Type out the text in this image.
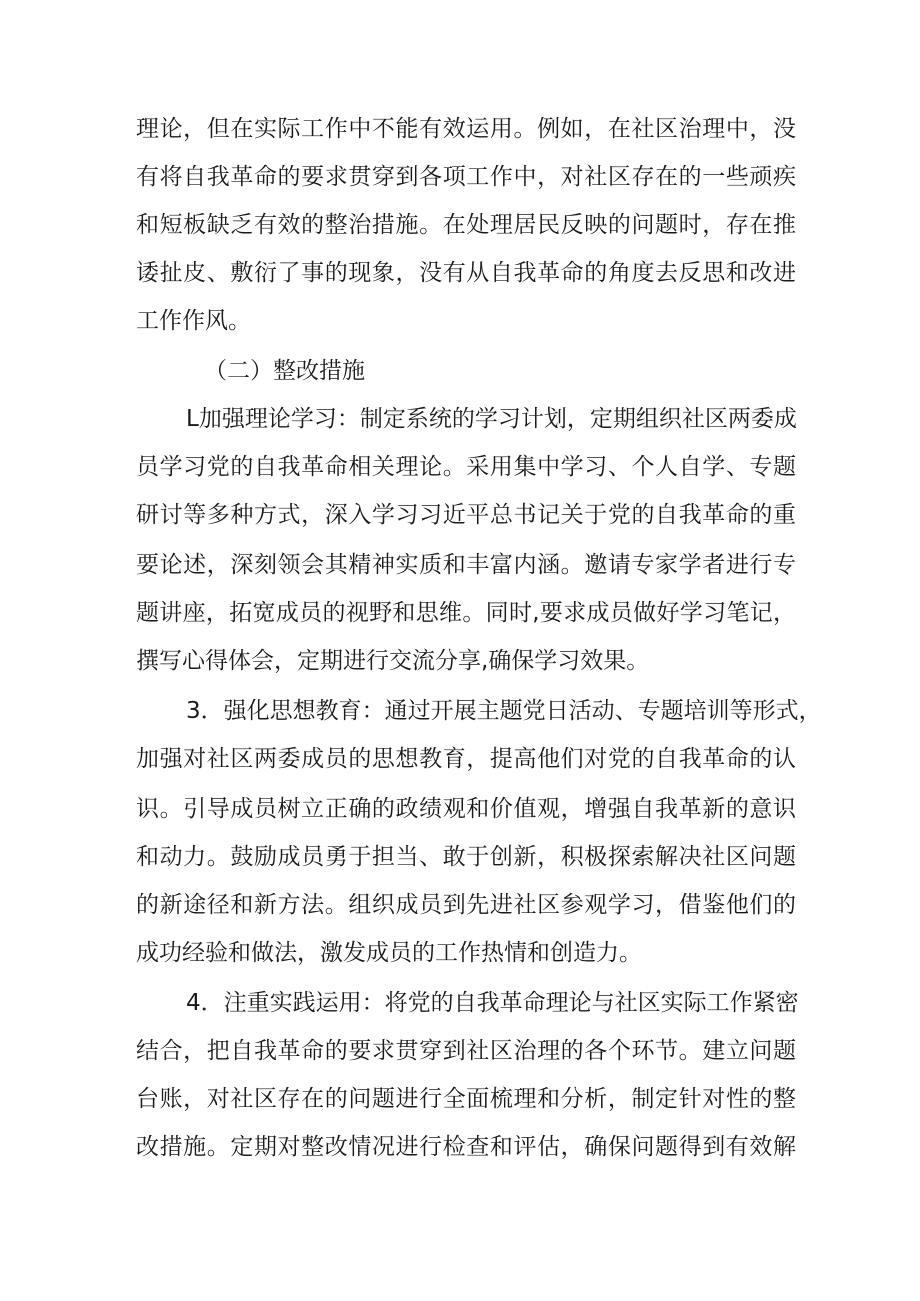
理论，但在实际工作中不能有效运用。例如，在社区治理中，没
有将自我革命的要求贯穿到各项工作中，对社区存在的一些顽疾
和短板缺乏有效的整治措施。在处理居民反映的问题时，存在推
诿扯皮、敷衍了事的现象，没有从自我革命的角度去反思和改进
工作作风。
（二）整改措施
L加强理论学习：制定系统的学习计划，定期组织社区两委成
员学习党的自我革命相关理论。采用集中学习、个人自学、专题
研讨等多种方式，深入学习习近平总书记关于党的自我革命的重
要论述，深刻领会其精神实质和丰富内涵。邀请专家学者进行专
题讲座，拓宽成员的视野和思维。同时,要求成员做好学习笔记，
撰写心得体会，定期进行交流分享,确保学习效果。
3．强化思想教育：通过开展主题党日活动、专题培训等形式，
加强对社区两委成员的思想教育，提高他们对党的自我革命的认
识。引导成员树立正确的政绩观和价值观，增强自我革新的意识
和动力。鼓励成员勇于担当、敢于创新，积极探索解决社区问题
的新途径和新方法。组织成员到先进社区参观学习，借鉴他们的
成功经验和做法，激发成员的工作热情和创造力。
4．注重实践运用：将党的自我革命理论与社区实际工作紧密
结合，把自我革命的要求贯穿到社区治理的各个环节。建立问题
台账，对社区存在的问题进行全面梳理和分析，制定针对性的整
改措施。定期对整改情况进行检查和评估，确保问题得到有效解
